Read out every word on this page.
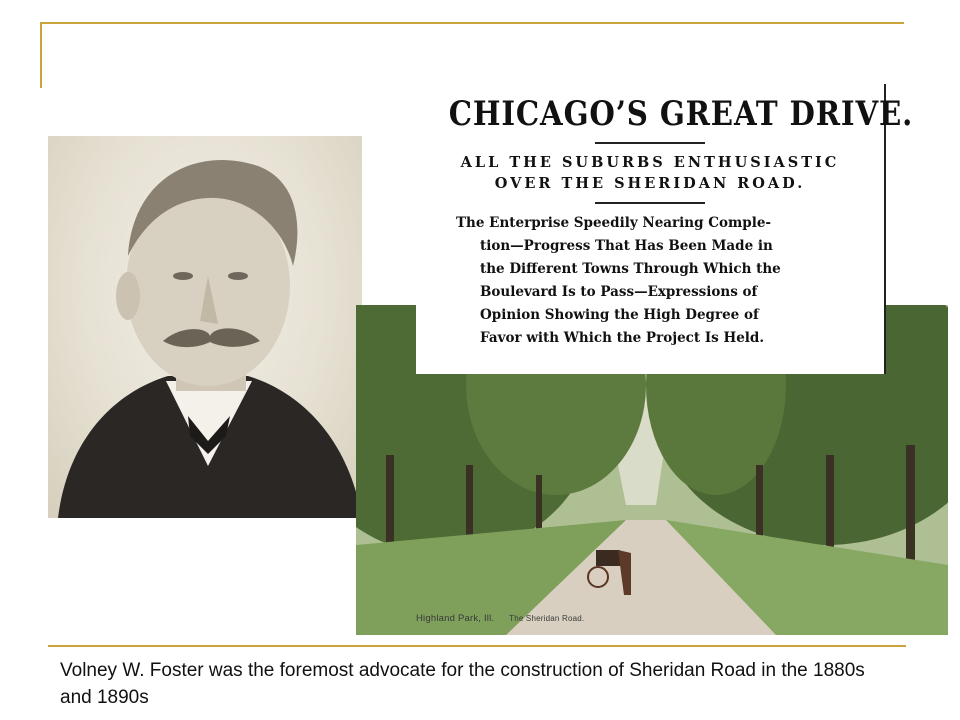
Highland Park, Ill. The Sheridan Road.
CHICAGO’S GREAT DRIVE.
ALL THE SUBURBS ENTHUSIASTIC
OVER THE SHERIDAN ROAD.
The Enterprise Speedily Nearing Comple-
tion—Progress That Has Been Made in
the Different Towns Through Which the
Boulevard Is to Pass—Expressions of
Opinion Showing the High Degree of
Favor with Which the Project Is Held.
Volney W. Foster was the foremost advocate for the construction of Sheridan Road in the 1880s and 1890s
